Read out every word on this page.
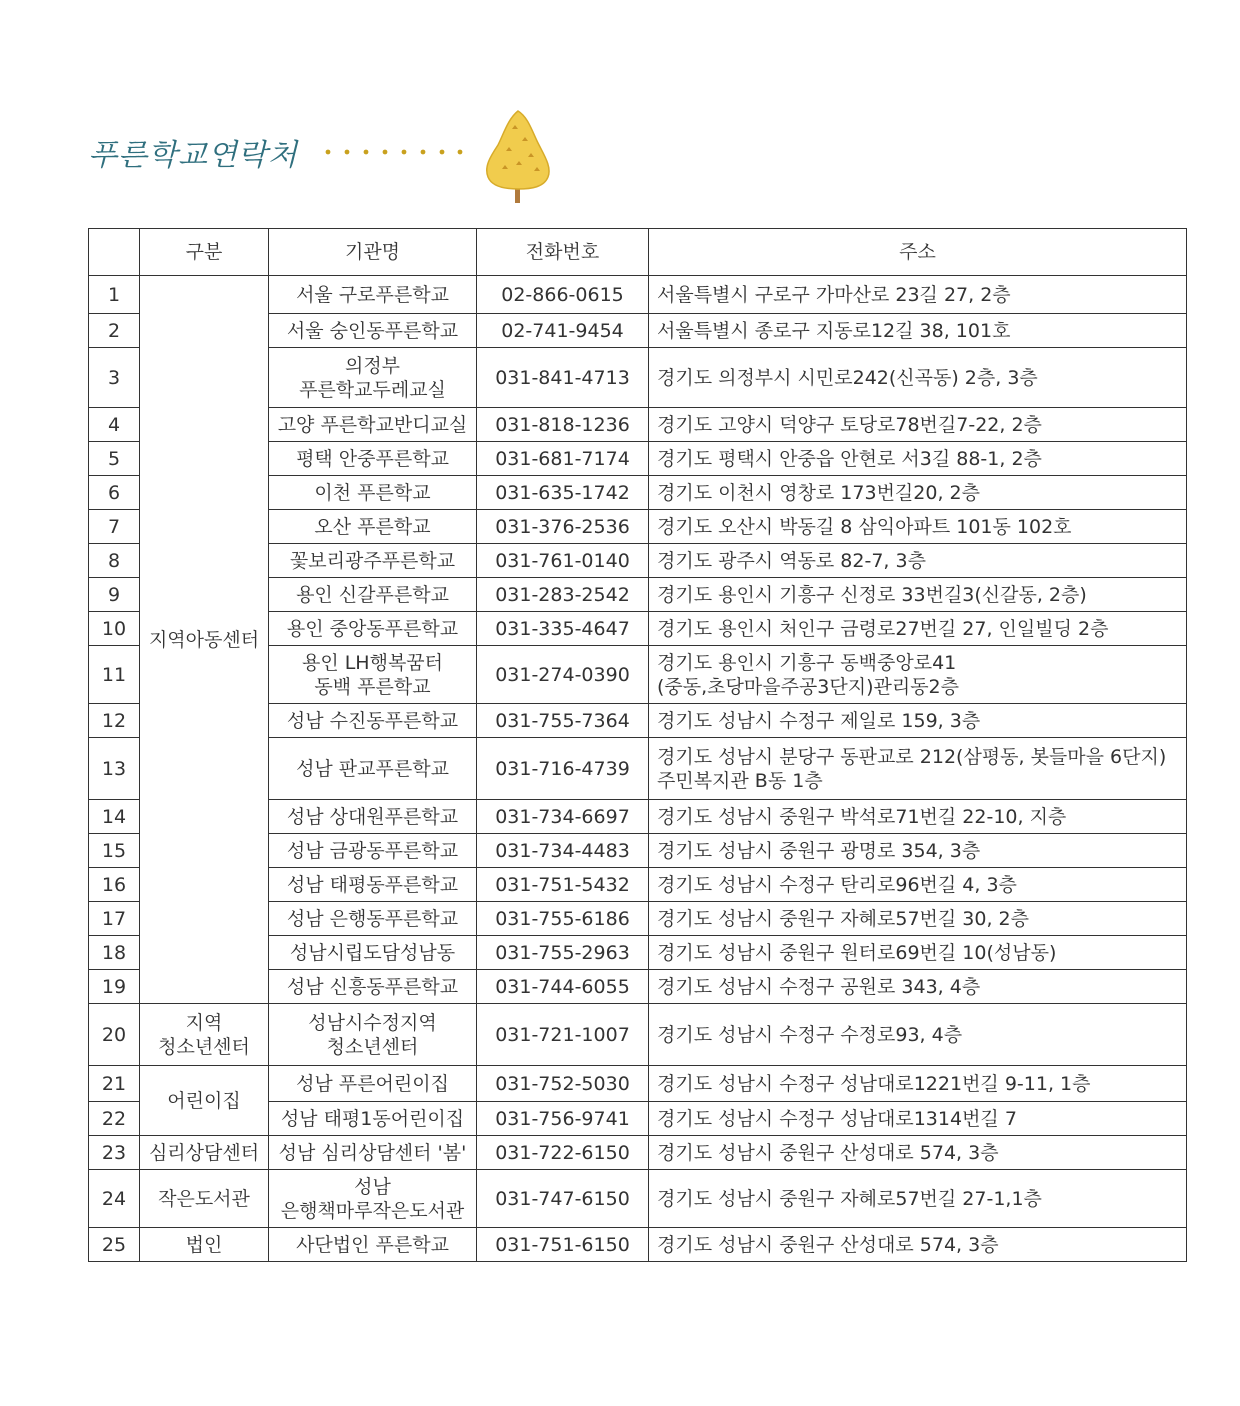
푸른학교연락처
	구분	기관명	전화번호	주소
1	지역아동센터	서울 구로푸른학교	02-866-0615	서울특별시 구로구 가마산로 23길 27, 2층

2		서울 숭인동푸른학교	02-741-9454	서울특별시 종로구 지동로12길 38, 101호

3		의정부
푸른학교두레교실	031-841-4713	경기도 의정부시 시민로242(신곡동) 2층, 3층

4		고양 푸른학교반디교실	031-818-1236	경기도 고양시 덕양구 토당로78번길7-22, 2층

5		평택 안중푸른학교	031-681-7174	경기도 평택시 안중읍 안현로 서3길 88-1, 2층

6		이천 푸른학교	031-635-1742	경기도 이천시 영창로 173번길20, 2층

7		오산 푸른학교	031-376-2536	경기도 오산시 박동길 8 삼익아파트 101동 102호

8		꽃보리광주푸른학교	031-761-0140	경기도 광주시 역동로 82-7, 3층

9		용인 신갈푸른학교	031-283-2542	경기도 용인시 기흥구 신정로 33번길3(신갈동, 2층)

10		용인 중앙동푸른학교	031-335-4647	경기도 용인시 처인구 금령로27번길 27, 인일빌딩 2층

11		용인 LH행복꿈터
동백 푸른학교	031-274-0390	경기도 용인시 기흥구 동백중앙로41
(중동,초당마을주공3단지)관리동2층

12		성남 수진동푸른학교	031-755-7364	경기도 성남시 수정구 제일로 159, 3층

13		성남 판교푸른학교	031-716-4739	경기도 성남시 분당구 동판교로 212(삼평동, 봇들마을 6단지)
주민복지관 B동 1층

14		성남 상대원푸른학교	031-734-6697	경기도 성남시 중원구 박석로71번길 22-10, 지층

15		성남 금광동푸른학교	031-734-4483	경기도 성남시 중원구 광명로 354, 3층

16		성남 태평동푸른학교	031-751-5432	경기도 성남시 수정구 탄리로96번길 4, 3층

17		성남 은행동푸른학교	031-755-6186	경기도 성남시 중원구 자혜로57번길 30, 2층

18		성남시립도담성남동	031-755-2963	경기도 성남시 중원구 원터로69번길 10(성남동)

19		성남 신흥동푸른학교	031-744-6055	경기도 성남시 수정구 공원로 343, 4층

20	지역
청소년센터	성남시수정지역
청소년센터	031-721-1007	경기도 성남시 수정구 수정로93, 4층

21	어린이집	성남 푸른어린이집	031-752-5030	경기도 성남시 수정구 성남대로1221번길 9-11, 1층

22		성남 태평1동어린이집	031-756-9741	경기도 성남시 수정구 성남대로1314번길 7

23	심리상담센터	성남 심리상담센터 '봄'	031-722-6150	경기도 성남시 중원구 산성대로 574, 3층

24	작은도서관	성남
은행책마루작은도서관	031-747-6150	경기도 성남시 중원구 자혜로57번길 27-1,1층

25	법인	사단법인 푸른학교	031-751-6150	경기도 성남시 중원구 산성대로 574, 3층
